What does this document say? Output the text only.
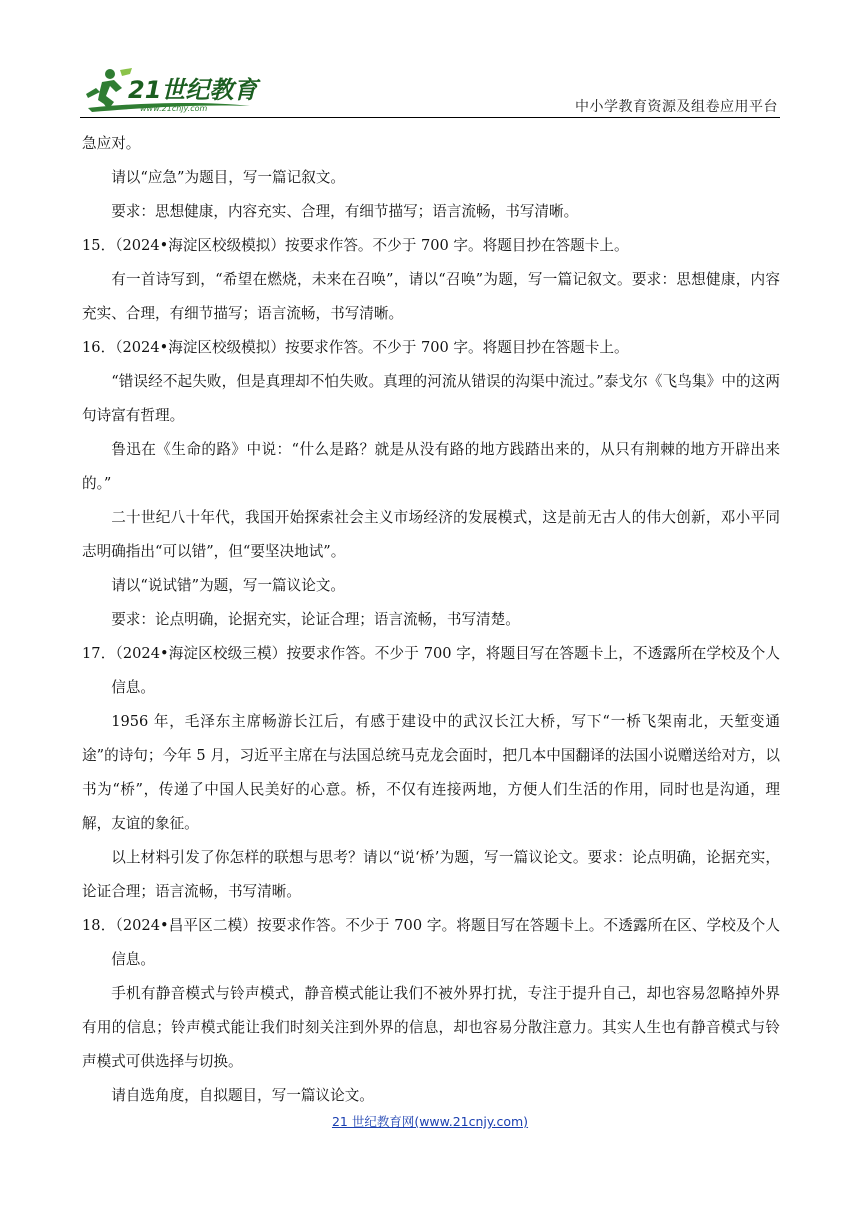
21世纪教育
www.21cnjy.com	中小学教育资源及组卷应用平台

急应对。

请以“应急”为题目，写一篇记叙文。

要求：思想健康，内容充实、合理，有细节描写；语言流畅，书写清晰。

15．（2024•海淀区校级模拟）按要求作答。不少于 700 字。将题目抄在答题卡上。

有一首诗写到，“希望在燃烧，未来在召唤”，请以“召唤”为题，写一篇记叙文。要求：思想健康，内容充实、合理，有细节描写；语言流畅，书写清晰。

16．（2024•海淀区校级模拟）按要求作答。不少于 700 字。将题目抄在答题卡上。

“错误经不起失败，但是真理却不怕失败。真理的河流从错误的沟渠中流过。”泰戈尔《飞鸟集》中的这两句诗富有哲理。

鲁迅在《生命的路》中说：“什么是路？就是从没有路的地方践踏出来的，从只有荆棘的地方开辟出来的。”

二十世纪八十年代，我国开始探索社会主义市场经济的发展模式，这是前无古人的伟大创新，邓小平同志明确指出“可以错”，但“要坚决地试”。

请以“说试错”为题，写一篇议论文。

要求：论点明确，论据充实，论证合理；语言流畅，书写清楚。

17．（2024•海淀区校级三模）按要求作答。不少于 700 字，将题目写在答题卡上，不透露所在学校及个人信息。

1956 年，毛泽东主席畅游长江后，有感于建设中的武汉长江大桥，写下“一桥飞架南北，天堑变通途”的诗句；今年 5 月，习近平主席在与法国总统马克龙会面时，把几本中国翻译的法国小说赠送给对方，以书为“桥”，传递了中国人民美好的心意。桥，不仅有连接两地，方便人们生活的作用，同时也是沟通，理解，友谊的象征。

以上材料引发了你怎样的联想与思考？请以“说‘桥’为题，写一篇议论文。要求：论点明确，论据充实，论证合理；语言流畅，书写清晰。

18．（2024•昌平区二模）按要求作答。不少于 700 字。将题目写在答题卡上。不透露所在区、学校及个人信息。

手机有静音模式与铃声模式，静音模式能让我们不被外界打扰，专注于提升自己，却也容易忽略掉外界有用的信息；铃声模式能让我们时刻关注到外界的信息，却也容易分散注意力。其实人生也有静音模式与铃声模式可供选择与切换。

请自选角度，自拟题目，写一篇议论文。

21 世纪教育网(www.21cnjy.com)
